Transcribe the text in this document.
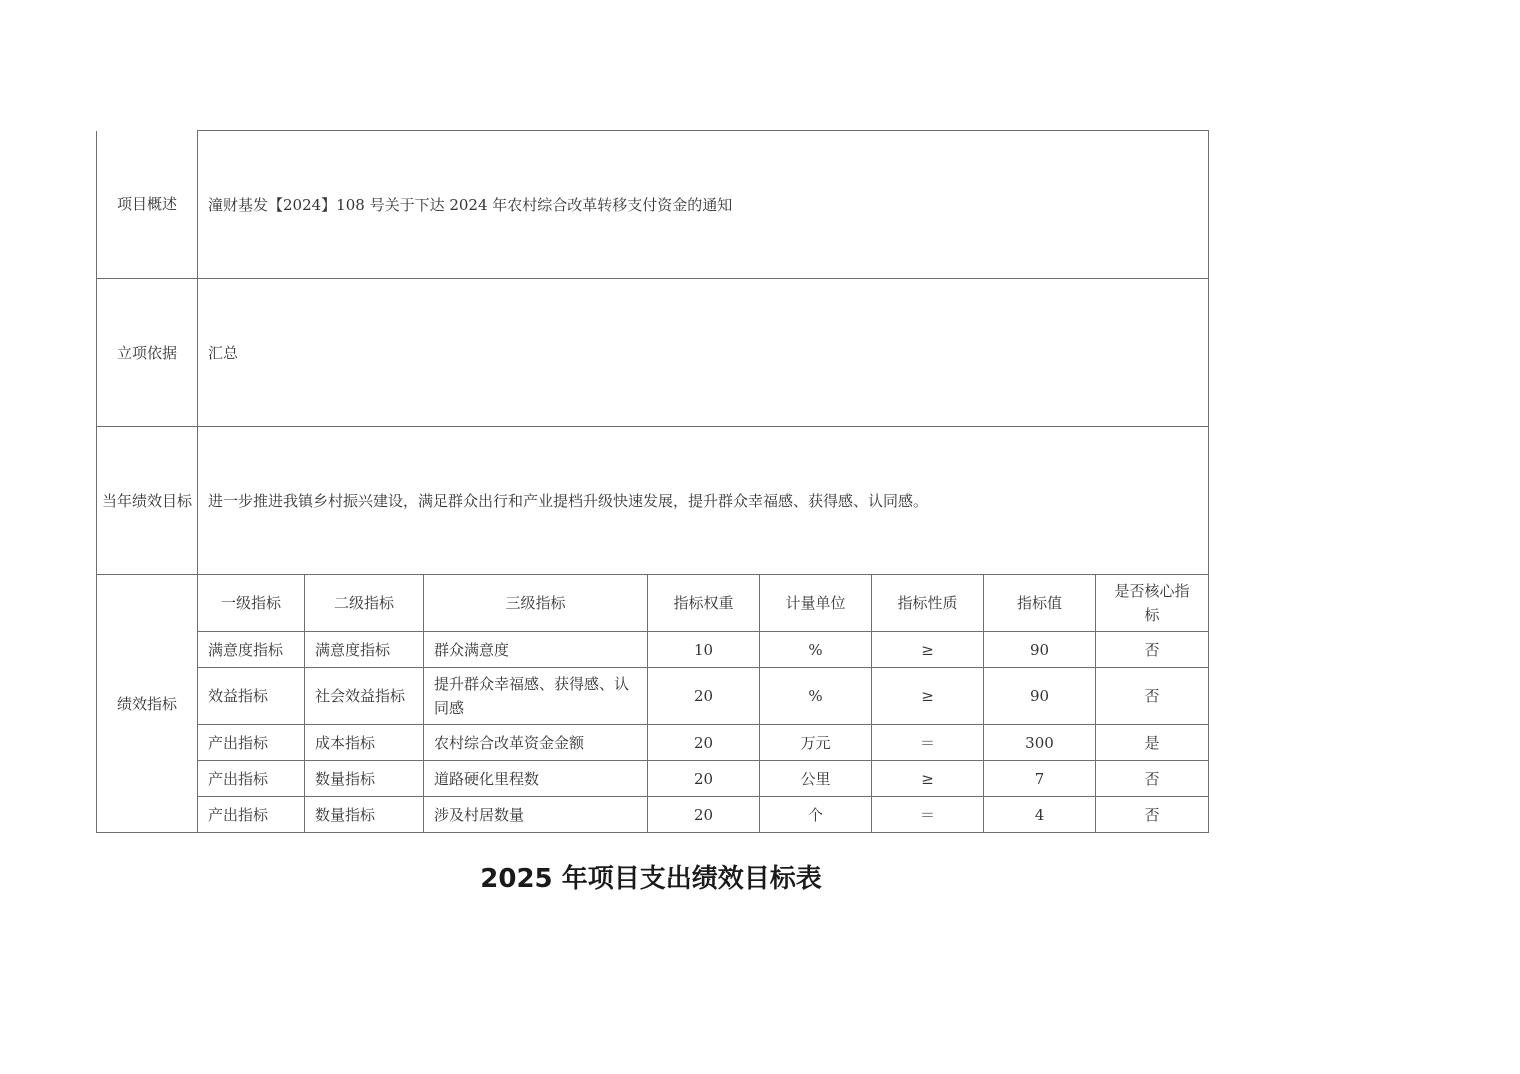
项目概述	潼财基发【2024】108 号关于下达 2024 年农村综合改革转移支付资金的通知							
立项依据	汇总							
当年绩效目标	进一步推进我镇乡村振兴建设，满足群众出行和产业提档升级快速发展，提升群众幸福感、获得感、认同感。							
绩效指标	一级指标	二级指标	三级指标	指标权重	计量单位	指标性质	指标值	是否核心指标
	满意度指标	满意度指标	群众满意度	10	%	≥	90	否
	效益指标	社会效益指标	提升群众幸福感、获得感、认同感	20	%	≥	90	否
	产出指标	成本指标	农村综合改革资金金额	20	万元	＝	300	是
	产出指标	数量指标	道路硬化里程数	20	公里	≥	7	否
	产出指标	数量指标	涉及村居数量	20	个	＝	4	否
2025 年项目支出绩效目标表
